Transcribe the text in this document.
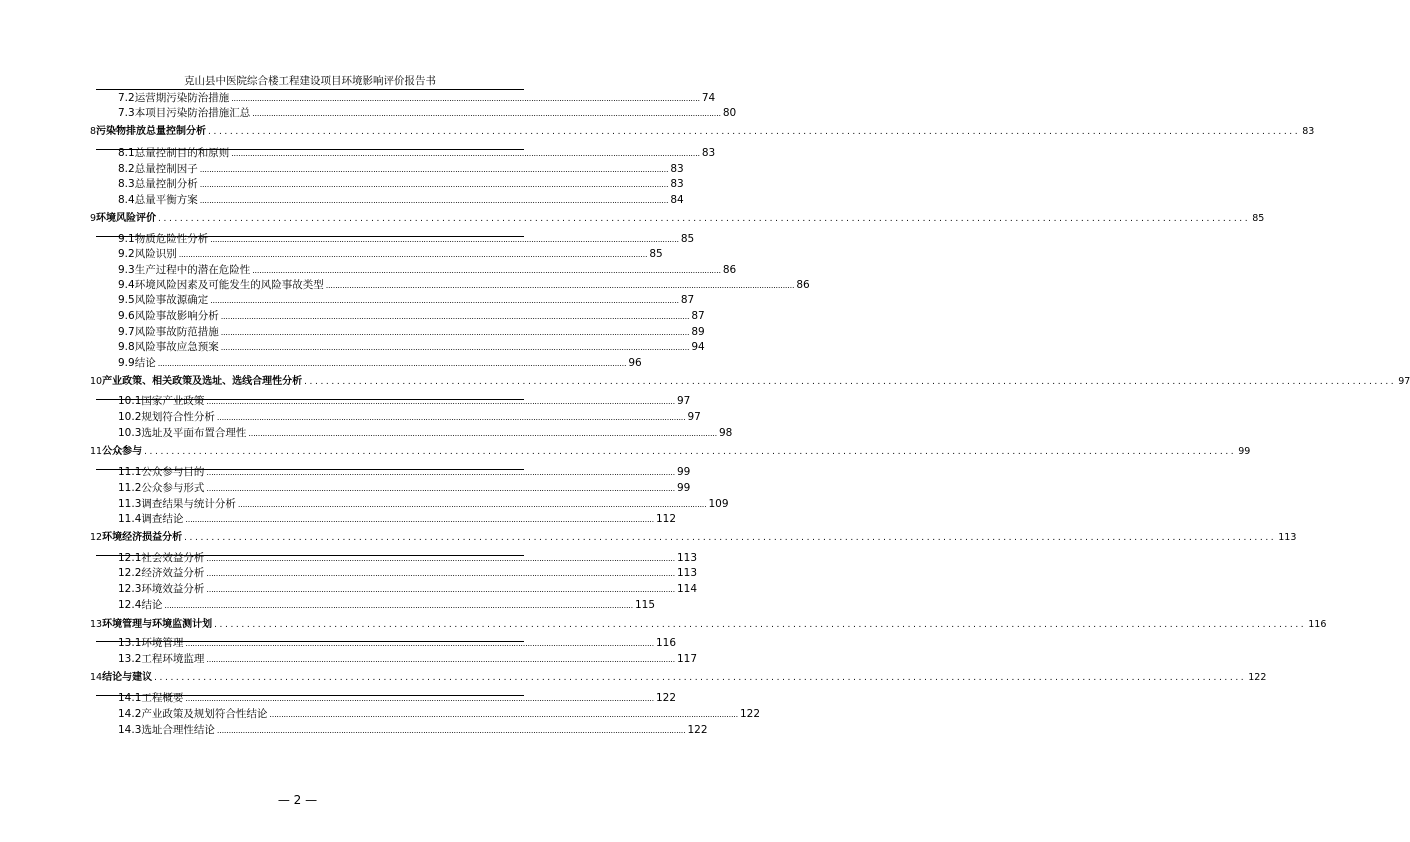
克山县中医院综合楼工程建设项目环境影响评价报告书
7.2 运营期污染防治措施 ........................................................................................................................................................................................................ 74
7.3 本项目污染防治措施汇总 ........................................................................................................................................................................................................ 80
8 污染物排放总量控制分析 ........................................................................................................................................................................................................ 83
8.1 总量控制目的和原则 ........................................................................................................................................................................................................ 83
8.2 总量控制因子 ........................................................................................................................................................................................................ 83
8.3 总量控制分析 ........................................................................................................................................................................................................ 83
8.4 总量平衡方案 ........................................................................................................................................................................................................ 84
9 环境风险评价 ........................................................................................................................................................................................................ 85
9.1 物质危险性分析 ........................................................................................................................................................................................................ 85
9.2 风险识别 ........................................................................................................................................................................................................ 85
9.3 生产过程中的潜在危险性 ........................................................................................................................................................................................................ 86
9.4 环境风险因素及可能发生的风险事故类型 ........................................................................................................................................................................................................ 86
9.5 风险事故源确定 ........................................................................................................................................................................................................ 87
9.6 风险事故影响分析 ........................................................................................................................................................................................................ 87
9.7 风险事故防范措施 ........................................................................................................................................................................................................ 89
9.8 风险事故应急预案 ........................................................................................................................................................................................................ 94
9.9 结论 ........................................................................................................................................................................................................ 96
10 产业政策、相关政策及选址、选线合理性分析 ........................................................................................................................................................................................................ 97
10.1 国家产业政策 ........................................................................................................................................................................................................ 97
10.2 规划符合性分析 ........................................................................................................................................................................................................ 97
10.3 选址及平面布置合理性 ........................................................................................................................................................................................................ 98
11 公众参与 ........................................................................................................................................................................................................ 99
11.1 公众参与目的 ........................................................................................................................................................................................................ 99
11.2 公众参与形式 ........................................................................................................................................................................................................ 99
11.3 调查结果与统计分析 ........................................................................................................................................................................................................ 109
11.4 调查结论 ........................................................................................................................................................................................................ 112
12 环境经济损益分析 ........................................................................................................................................................................................................ 113
12.1 社会效益分析 ........................................................................................................................................................................................................ 113
12.2 经济效益分析 ........................................................................................................................................................................................................ 113
12.3 环境效益分析 ........................................................................................................................................................................................................ 114
12.4 结论 ........................................................................................................................................................................................................ 115
13 环境管理与环境监测计划 ........................................................................................................................................................................................................ 116
13.1 环境管理 ........................................................................................................................................................................................................ 116
13.2 工程环境监理 ........................................................................................................................................................................................................ 117
14 结论与建议 ........................................................................................................................................................................................................ 122
14.1 工程概要 ........................................................................................................................................................................................................ 122
14.2 产业政策及规划符合性结论 ........................................................................................................................................................................................................ 122
14.3 选址合理性结论 ........................................................................................................................................................................................................ 122
— 2 —
